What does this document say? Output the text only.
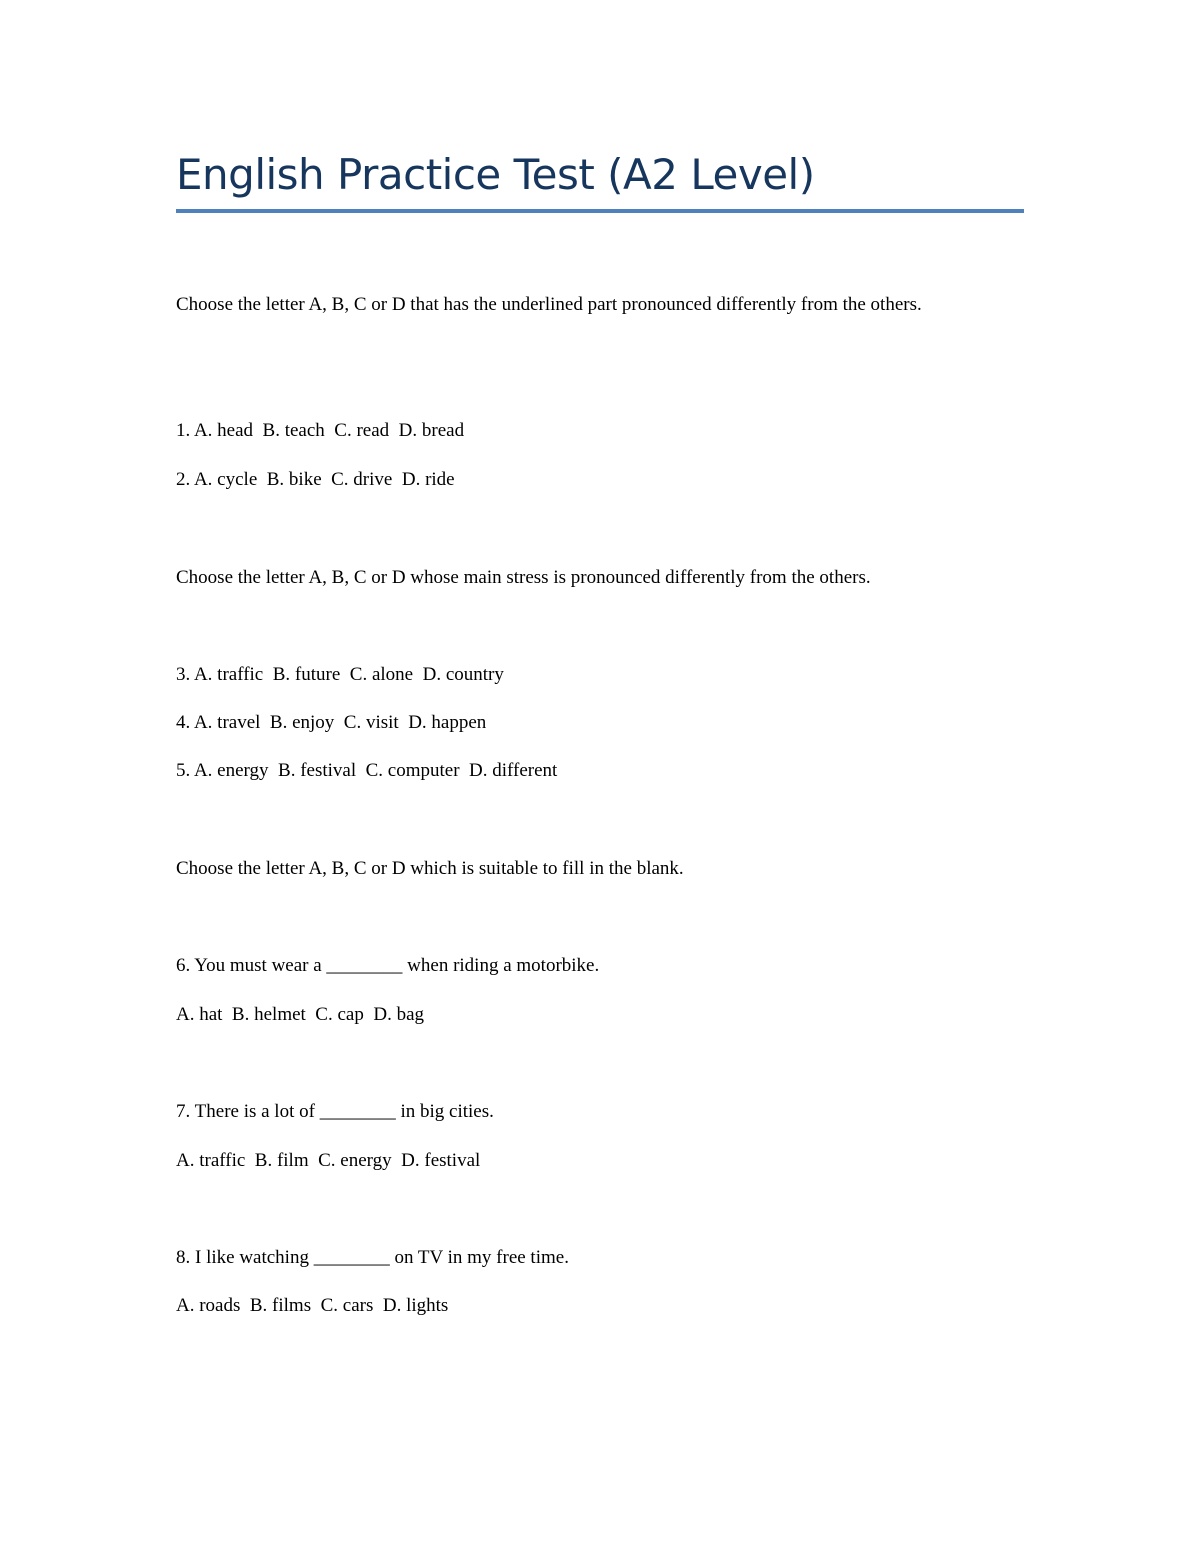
English Practice Test (A2 Level)
Choose the letter A, B, C or D that has the underlined part pronounced differently from the others.
1. A. head  B. teach  C. read  D. bread
2. A. cycle  B. bike  C. drive  D. ride
Choose the letter A, B, C or D whose main stress is pronounced differently from the others.
3. A. traffic  B. future  C. alone  D. country
4. A. travel  B. enjoy  C. visit  D. happen
5. A. energy  B. festival  C. computer  D. different
Choose the letter A, B, C or D which is suitable to fill in the blank.
6. You must wear a ________ when riding a motorbike.
A. hat  B. helmet  C. cap  D. bag
7. There is a lot of ________ in big cities.
A. traffic  B. film  C. energy  D. festival
8. I like watching ________ on TV in my free time.
A. roads  B. films  C. cars  D. lights
